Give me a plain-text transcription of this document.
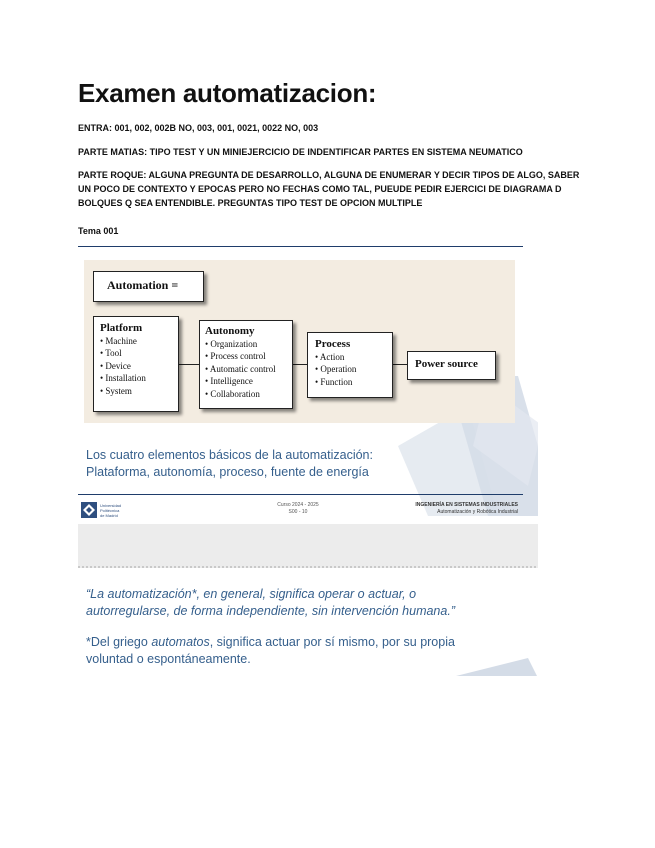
Examen automatizacion:
ENTRA: 001, 002, 002B NO, 003, 001, 0021, 0022 NO, 003
PARTE MATIAS: TIPO TEST Y UN MINIEJERCICIO DE INDENTIFICAR PARTES EN SISTEMA NEUMATICO
PARTE ROQUE: ALGUNA PREGUNTA DE DESARROLLO, ALGUNA DE ENUMERAR Y DECIR TIPOS DE ALGO, SABER UN POCO DE CONTEXTO Y EPOCAS PERO NO FECHAS COMO TAL, PUEUDE PEDIR EJERCICI DE DIAGRAMA D BOLQUES Q SEA ENTENDIBLE. PREGUNTAS TIPO TEST DE OPCION MULTIPLE
Tema 001
Automation =
Platform
• Machine
• Tool
• Device
• Installation
• System
Autonomy
• Organization
• Process control
• Automatic control
• Intelligence
• Collaboration
Process
• Action
• Operation
• Function
Power source
Los cuatro elementos básicos de la automatización:
Plataforma, autonomía, proceso, fuente de energía
Universidad
Politécnica
de Madrid
Curso 2024 - 2025
S00 - 10
INGENIERÍA EN SISTEMAS INDUSTRIALES
Automatización y Robótica Industrial
“La automatización*, en general, significa operar o actuar, o
autorregularse, de forma independiente, sin intervención humana.”
*Del griego automatos, significa actuar por sí mismo, por su propia
voluntad o espontáneamente.
